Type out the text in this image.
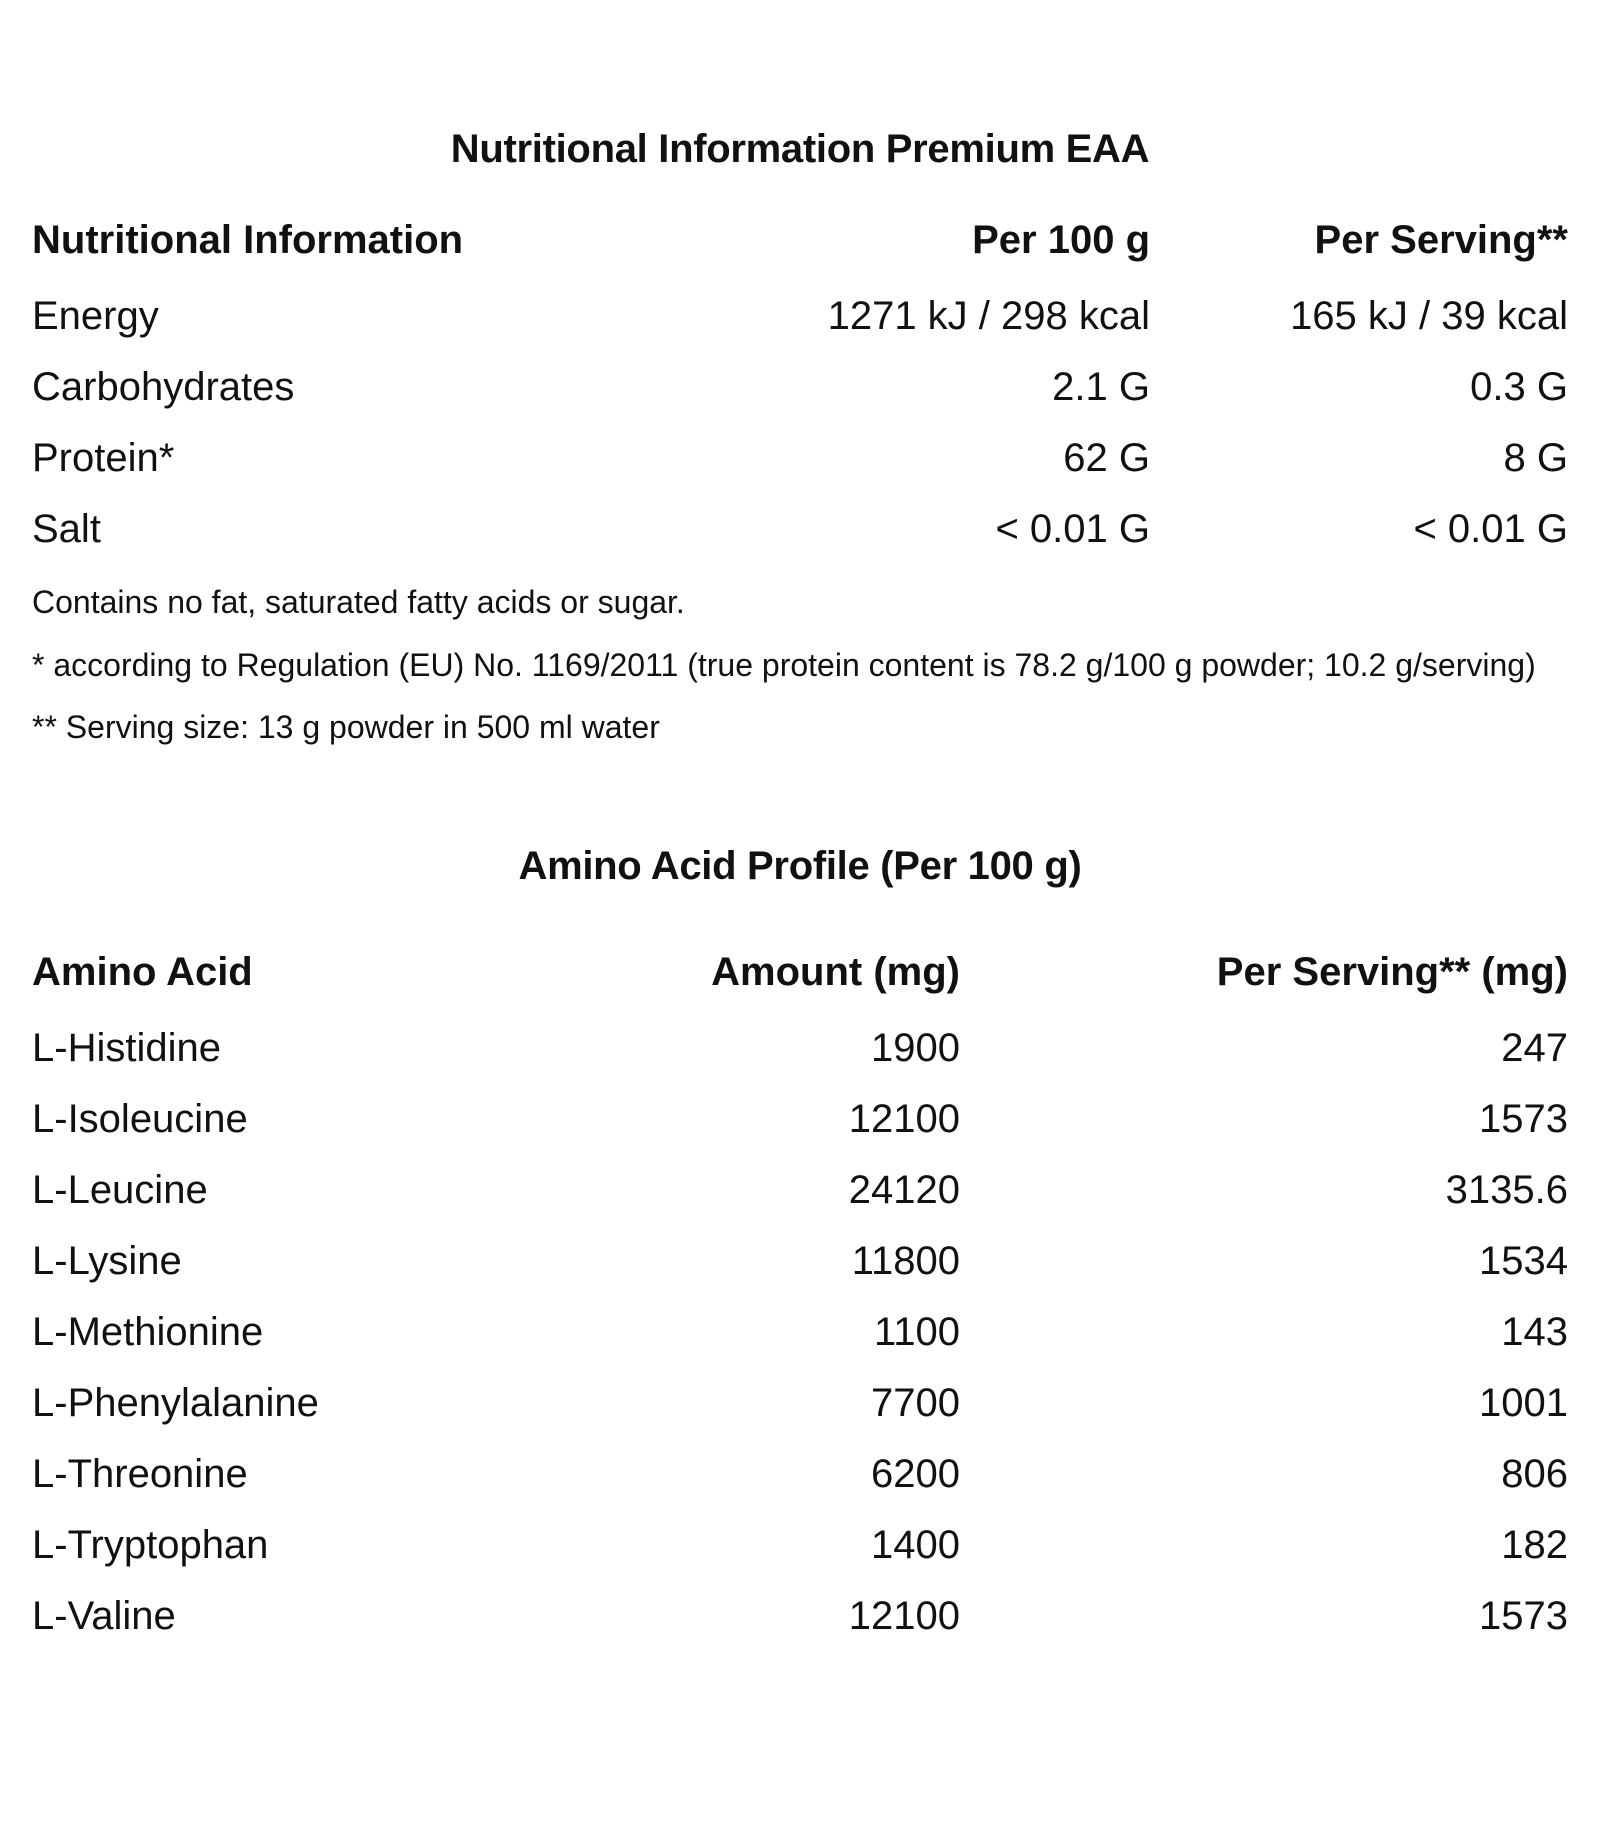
Nutritional Information Premium EAA
Nutritional Information	Per 100 g	Per Serving**
Energy	1271 kJ / 298 kcal	165 kJ / 39 kcal
Carbohydrates	2.1 G	0.3 G
Protein*	62 G	8 G
Salt	< 0.01 G	< 0.01 G
Contains no fat, saturated fatty acids or sugar.
* according to Regulation (EU) No. 1169/2011 (true protein content is 78.2 g/100 g powder; 10.2 g/serving)
** Serving size: 13 g powder in 500 ml water
Amino Acid Profile (Per 100 g)
Amino Acid	Amount (mg)	Per Serving** (mg)
L-Histidine	1900	247
L-Isoleucine	12100	1573
L-Leucine	24120	3135.6
L-Lysine	11800	1534
L-Methionine	1100	143
L-Phenylalanine	7700	1001
L-Threonine	6200	806
L-Tryptophan	1400	182
L-Valine	12100	1573
